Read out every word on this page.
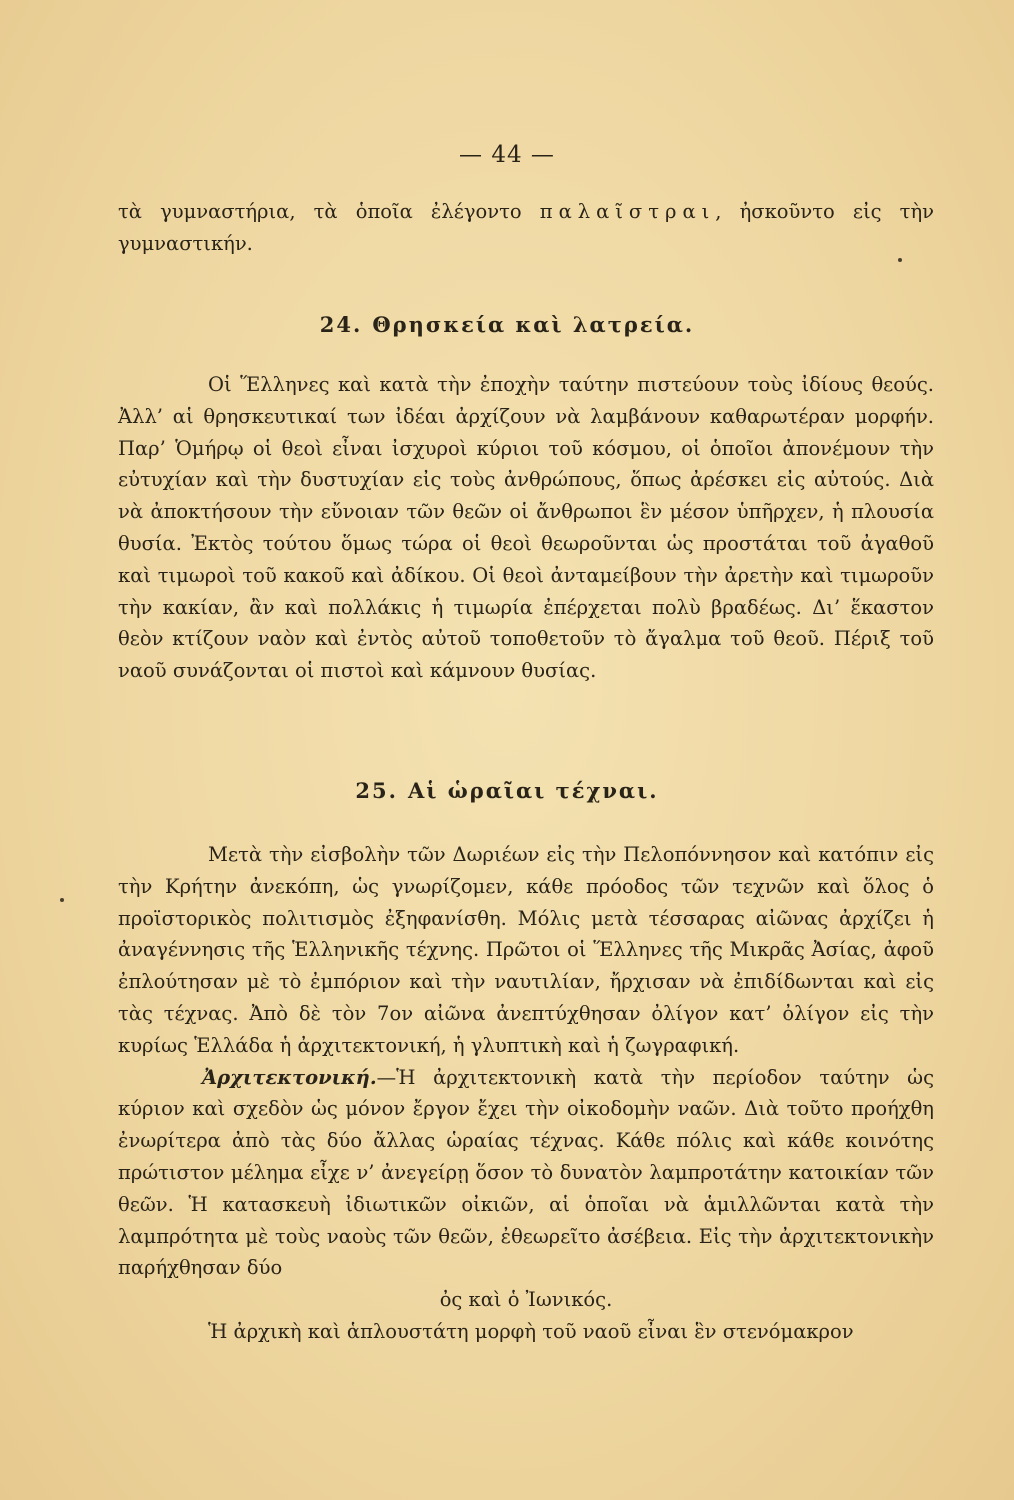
— 44 —

τὰ γυμναστήρια, τὰ ὁποῖα ἐλέγοντο παλαῖστραι, ἠσκοῦντο εἰς τὴν γυμναστικήν.

24. Θρησκεία καὶ λατρεία.

Οἱ Ἕλληνες καὶ κατὰ τὴν ἐποχὴν ταύτην πιστεύουν τοὺς ἰδίους θεούς. Ἀλλ’ αἱ θρησκευτικαί των ἰδέαι ἀρχίζουν νὰ λαμβάνουν καθαρωτέραν μορφήν. Παρ’ Ὁμήρῳ οἱ θεοὶ εἶναι ἰσχυροὶ κύριοι τοῦ κόσμου, οἱ ὁποῖοι ἀπονέμουν τὴν εὐτυχίαν καὶ τὴν δυστυχίαν εἰς τοὺς ἀνθρώπους, ὅπως ἀρέσκει εἰς αὐτούς. Διὰ νὰ ἀποκτήσουν τὴν εὔνοιαν τῶν θεῶν οἱ ἄνθρωποι ἓν μέσον ὑπῆρχεν, ἡ πλουσία θυσία. Ἐκτὸς τούτου ὅμως τώρα οἱ θεοὶ θεωροῦνται ὡς προστάται τοῦ ἀγαθοῦ καὶ τιμωροὶ τοῦ κακοῦ καὶ ἀδίκου. Οἱ θεοὶ ἀνταμείβουν τὴν ἀρετὴν καὶ τιμωροῦν τὴν κακίαν, ἂν καὶ πολλάκις ἡ τιμωρία ἐπέρχεται πολὺ βραδέως. Δι’ ἕκαστον θεὸν κτίζουν ναὸν καὶ ἐντὸς αὐτοῦ τοποθετοῦν τὸ ἄγαλμα τοῦ θεοῦ. Πέριξ τοῦ ναοῦ συνάζονται οἱ πιστοὶ καὶ κάμνουν θυσίας.

25. Αἱ ὡραῖαι τέχναι.

Μετὰ τὴν εἰσβολὴν τῶν Δωριέων εἰς τὴν Πελοπόννησον καὶ κατόπιν εἰς τὴν Κρήτην ἀνεκόπη, ὡς γνωρίζομεν, κάθε πρόοδος τῶν τεχνῶν καὶ ὅλος ὁ προϊστορικὸς πολιτισμὸς ἐξηφανίσθη. Μόλις μετὰ τέσσαρας αἰῶνας ἀρχίζει ἡ ἀναγέννησις τῆς Ἑλληνικῆς τέχνης. Πρῶτοι οἱ Ἕλληνες τῆς Μικρᾶς Ἀσίας, ἀφοῦ ἐπλούτησαν μὲ τὸ ἐμπόριον καὶ τὴν ναυτιλίαν, ἤρχισαν νὰ ἐπιδίδωνται καὶ εἰς τὰς τέχνας. Ἀπὸ δὲ τὸν 7ον αἰῶνα ἀνεπτύχθησαν ὀλίγον κατ’ ὀλίγον εἰς τὴν κυρίως Ἑλλάδα ἡ ἀρχιτεκτονική, ἡ γλυπτικὴ καὶ ἡ ζωγραφική.

Ἀρχιτεκτονική.—Ἡ ἀρχιτεκτονικὴ κατὰ τὴν περίοδον ταύτην ὡς κύριον καὶ σχεδὸν ὡς μόνον ἔργον ἔχει τὴν οἰκοδομὴν ναῶν. Διὰ τοῦτο προήχθη ἐνωρίτερα ἀπὸ τὰς δύο ἄλλας ὡραίας τέχνας. Κάθε πόλις καὶ κάθε κοινότης πρώτιστον μέλημα εἶχε ν’ ἀνεγείρῃ ὅσον τὸ δυνατὸν λαμπροτάτην κατοικίαν τῶν θεῶν. Ἡ κατασκευὴ ἰδιωτικῶν οἰκιῶν, αἱ ὁποῖαι νὰ ἁμιλλῶνται κατὰ τὴν λαμπρότητα μὲ τοὺς ναοὺς τῶν θεῶν, ἐθεωρεῖτο ἀσέβεια. Εἰς τὴν ἀρχιτεκτονικὴν παρήχθησαν δύο
ὀς καὶ ὁ Ἰωνικός.

Ἡ ἀρχικὴ καὶ ἁπλουστάτη μορφὴ τοῦ ναοῦ εἶναι ἓν στενόμακρον
